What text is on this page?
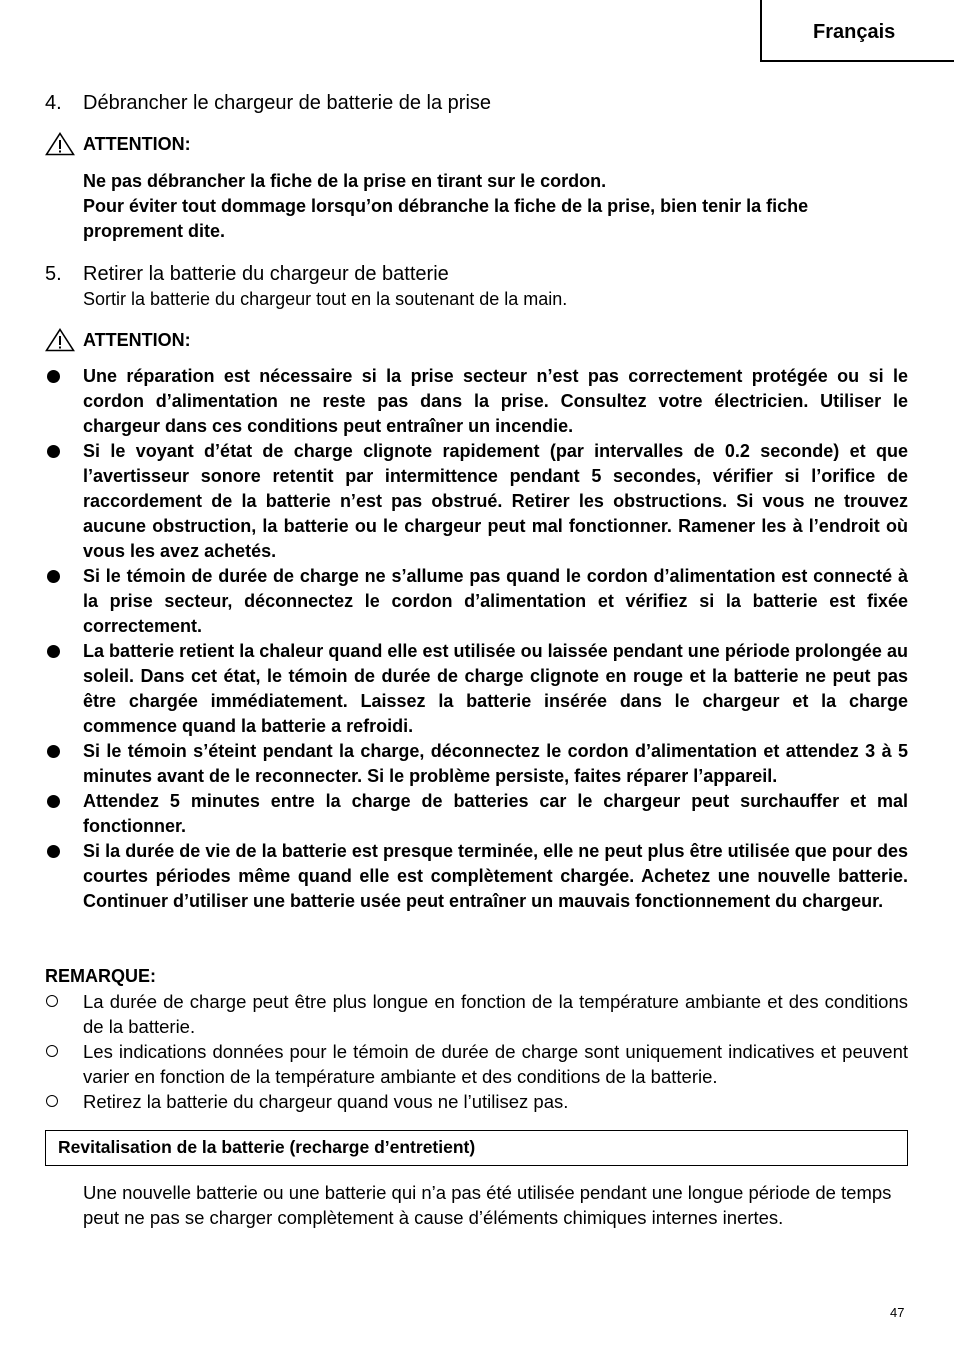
Français
4. Débrancher le chargeur de batterie de la prise
ATTENTION:

Ne pas débrancher la fiche de la prise en tirant sur le cordon.

Pour éviter tout dommage lorsqu’on débranche la fiche de la prise, bien tenir la fiche proprement dite.

5. Retirer la batterie du chargeur de batterie
Sortir la batterie du chargeur tout en la soutenant de la main.
ATTENTION:
Une réparation est nécessaire si la prise secteur n’est pas correctement protégée ou si le cordon d’alimentation ne reste pas dans la prise. Consultez votre électricien. Utiliser le chargeur dans ces conditions peut entraîner un incendie.
Si le voyant d’état de charge clignote rapidement (par intervalles de 0.2 seconde) et que l’avertisseur sonore retentit par intermittence pendant 5 secondes, vérifier si l’orifice de raccordement de la batterie n’est pas obstrué. Retirer les obstructions. Si vous ne trouvez aucune obstruction, la batterie ou le chargeur peut mal fonctionner. Ramener les à l’endroit où vous les avez achetés.
Si le témoin de durée de charge ne s’allume pas quand le cordon d’alimentation est connecté à la prise secteur, déconnectez le cordon d’alimentation et vérifiez si la batterie est fixée correctement.
La batterie retient la chaleur quand elle est utilisée ou laissée pendant une période prolongée au soleil. Dans cet état, le témoin de durée de charge clignote en rouge et la batterie ne peut pas être chargée immédiatement. Laissez la batterie insérée dans le chargeur et la charge commence quand la batterie a refroidi.
Si le témoin s’éteint pendant la charge, déconnectez le cordon d’alimentation et attendez 3 à 5 minutes avant de le reconnecter. Si le problème persiste, faites réparer l’appareil.
Attendez 5 minutes entre la charge de batteries car le chargeur peut surchauffer et mal fonctionner.
Si la durée de vie de la batterie est presque terminée, elle ne peut plus être utilisée que pour des courtes périodes même quand elle est complètement chargée. Achetez une nouvelle batterie. Continuer d’utiliser une batterie usée peut entraîner un mauvais fonctionnement du chargeur.
REMARQUE:
La durée de charge peut être plus longue en fonction de la température ambiante et des conditions de la batterie.
Les indications données pour le témoin de durée de charge sont uniquement indicatives et peuvent varier en fonction de la température ambiante et des conditions de la batterie.
Retirez la batterie du chargeur quand vous ne l’utilisez pas.
Revitalisation de la batterie (recharge d’entretient)

Une nouvelle batterie ou une batterie qui n’a pas été utilisée pendant une longue période de temps peut ne pas se charger complètement à cause d’éléments chimiques internes inertes.

47
